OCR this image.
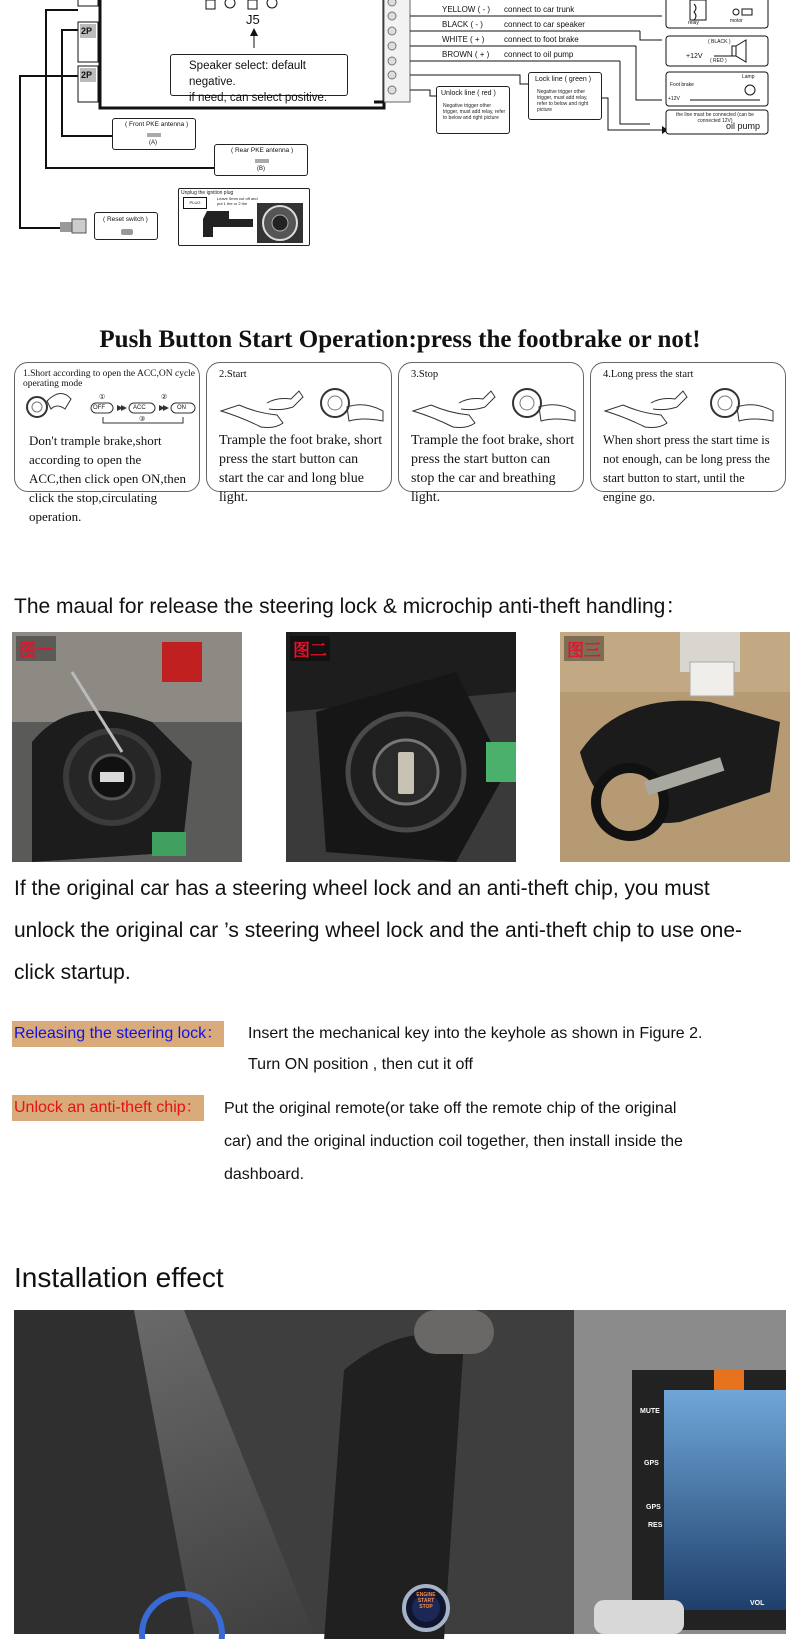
2P
2P
J5
Speaker select: default negative.
if need, can select positive.
YELLOW ( - ) connect to car trunk
BLACK ( - )	connect to car speaker
WHITE ( + ) connect to foot brake
BROWN ( + ) connect to oil pump
Unlock line ( red )
Negative trigger other trigger, must add relay, refer to below and right picture
Lock line ( green )
Negative trigger other trigger, must add relay, refer to below and right picture
relay	motor
( BLACK )
+12V
( RED )
Foot brake
Lamp
+12V
the line must be connected (can be connected 12V)
oil pump
( Front PKE antenna )
(A)
( Rear PKE antenna )
(B)
( Reset switch )
Unplug the ignition plug
PLUG
Leave 5mm cut off and put 1 the or 2 the
Push Button Start Operation:press the footbrake or not!
1.Short according to open the ACC,ON cycle operating mode
OFF	ACC	ON
①	②
③
Don't trample brake,short according to open the ACC,then click open ON,then click the stop,circulating operation.
2.Start
Trample the foot brake, short press the start button can start the car and long blue light.
3.Stop
Trample the foot brake, short press the start button can stop the car and breathing light.
4.Long press the start
When short press the start time is not enough, can be long press the start button to start, until the engine go.
The maual for release the steering lock & microchip anti-theft handling：
图一	图二	图三
If the original car has a steering wheel lock and an anti-theft chip, you must unlock the original car ’s steering wheel lock and the anti-theft chip to use one-click startup.
Releasing the steering lock： Insert the mechanical key into the keyhole as shown in Figure 2.
Turn ON position , then cut it off
Unlock an anti-theft chip： Put the original remote(or take off the remote chip of the original
car) and the original induction coil together, then install inside the
dashboard.
Installation effect
MUTE
GPS
GPS
RES
VOL
ENGINE
START
STOP
